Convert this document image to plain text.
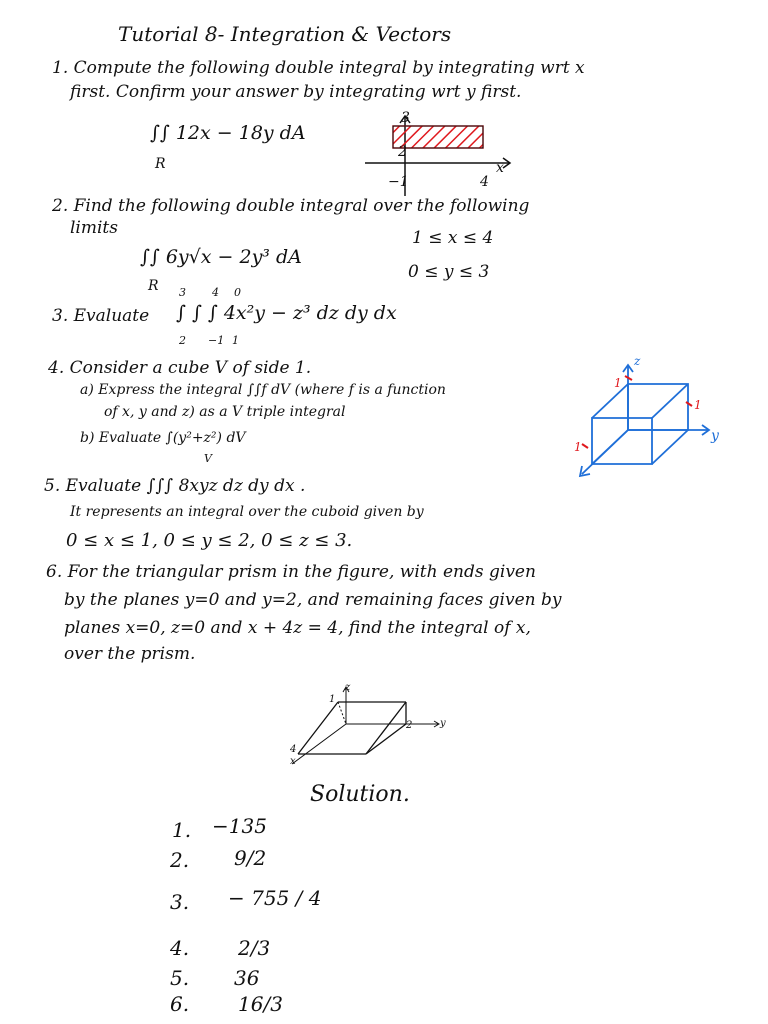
Tutorial 8- Integration & Vectors
1. Compute the following double integral by integrating wrt x
first. Confirm your answer by integrating wrt y first.
∫∫ 12x − 18y dA
R
3
2
−1	4
x
2. Find the following double integral over the following
limits
∫∫ 6y√x − 2y³ dA
R
1 ≤ x ≤ 4
0 ≤ y ≤ 3
3 4 0
3. Evaluate ∫ ∫ ∫ 4x²y − z³ dz dy dx
2 −1 1
4. Consider a cube V of side 1.
a) Express the integral ∫∫f dV (where f is a function
of x, y and z) as a V triple integral
b) Evaluate ∫(y²+z²) dV
V
z
y
1
1
1
5. Evaluate ∫∫∫ 8xyz dz dy dx .
It represents an integral over the cuboid given by
0 ≤ x ≤ 1, 0 ≤ y ≤ 2, 0 ≤ z ≤ 3.
6. For the triangular prism in the figure, with ends given
by the planes y=0 and y=2, and remaining faces given by
planes x=0, z=0 and x + 4z = 4, find the integral of x,
over the prism.
z
y
x
1
2
4
Solution.
1. −135
2. 9/2
3. − 755 / 4
4. 2/3
5. 36
6. 16/3
